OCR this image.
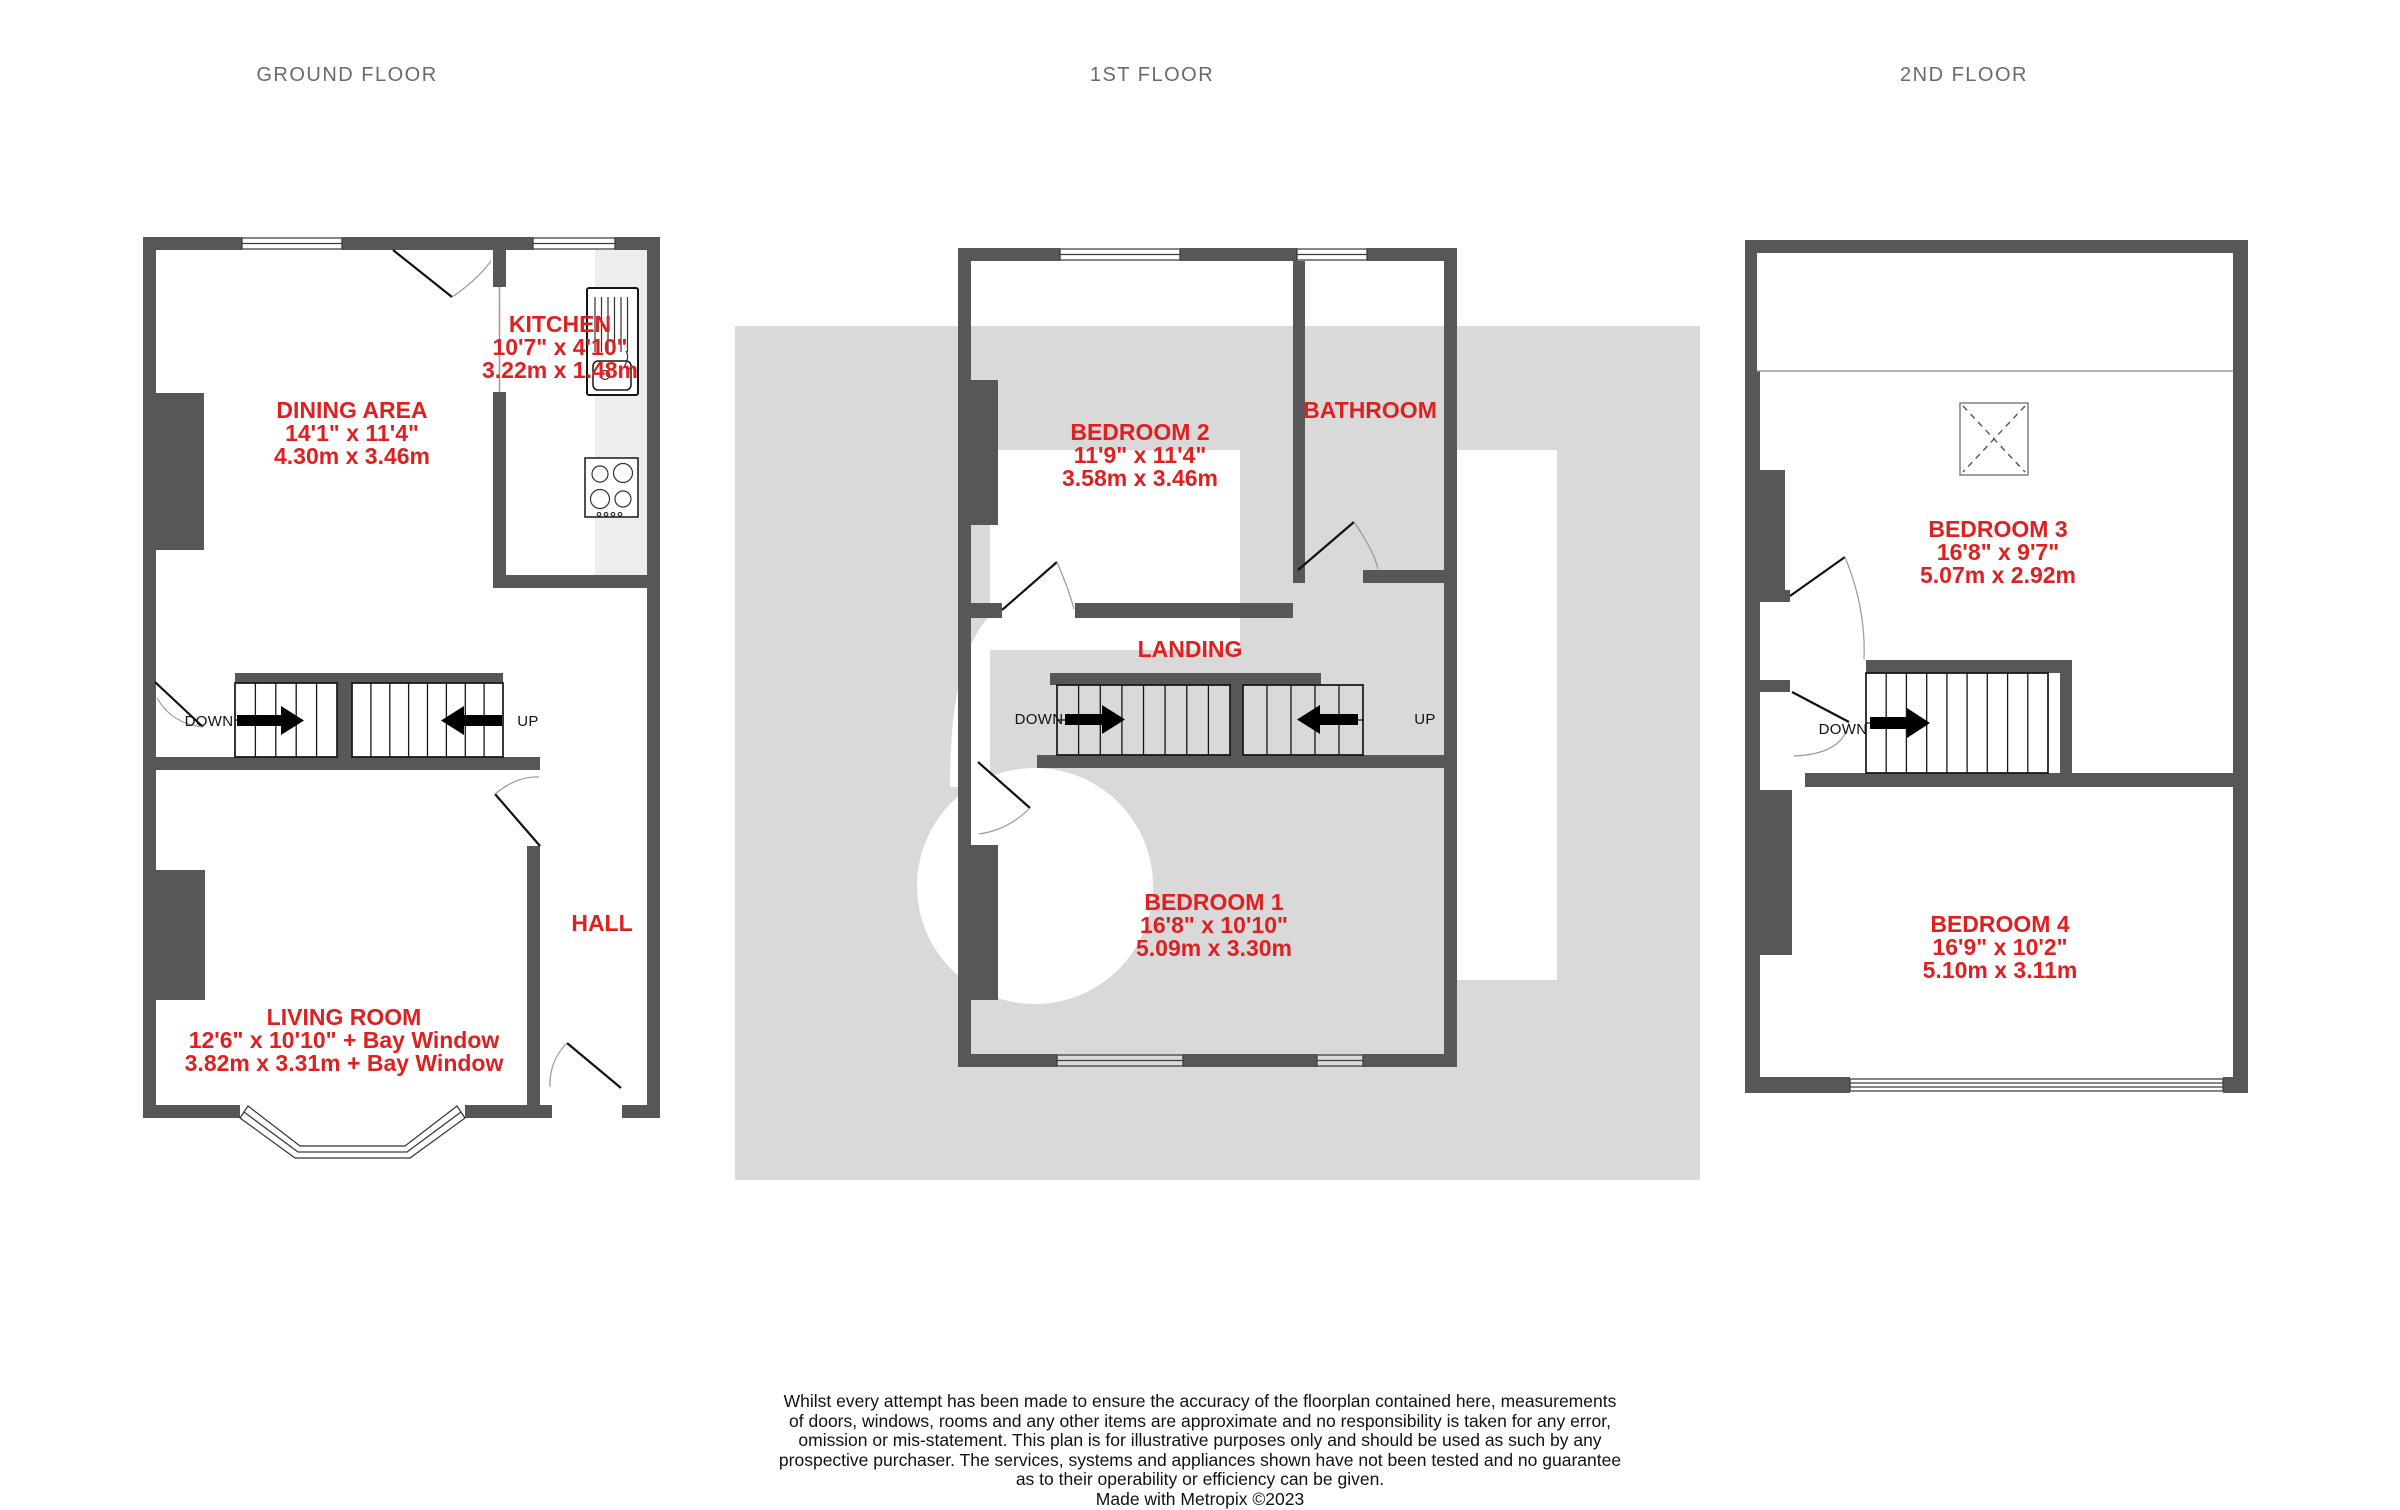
GROUND FLOOR	1ST FLOOR	2ND FLOOR
DINING AREA
14'1" x 11'4"
4.30m x 3.46m
KITCHEN
10'7" x 4'10"
3.22m x 1.48m
LIVING ROOM
12'6" x 10'10" + Bay Window
3.82m x 3.31m + Bay Window
HALL
BEDROOM 2
11'9" x 11'4"
3.58m x 3.46m
BATHROOM
LANDING
BEDROOM 1
16'8" x 10'10"
5.09m x 3.30m
BEDROOM 3
16'8" x 9'7"
5.07m x 2.92m
BEDROOM 4
16'9" x 10'2"
5.10m x 3.11m
DOWN	UP	DOWN	UP
DOWN
Whilst every attempt has been made to ensure the accuracy of the floorplan contained here, measurements
of doors, windows, rooms and any other items are approximate and no responsibility is taken for any error,
omission or mis-statement. This plan is for illustrative purposes only and should be used as such by any
prospective purchaser. The services, systems and appliances shown have not been tested and no guarantee
as to their operability or efficiency can be given.
Made with Metropix ©2023
